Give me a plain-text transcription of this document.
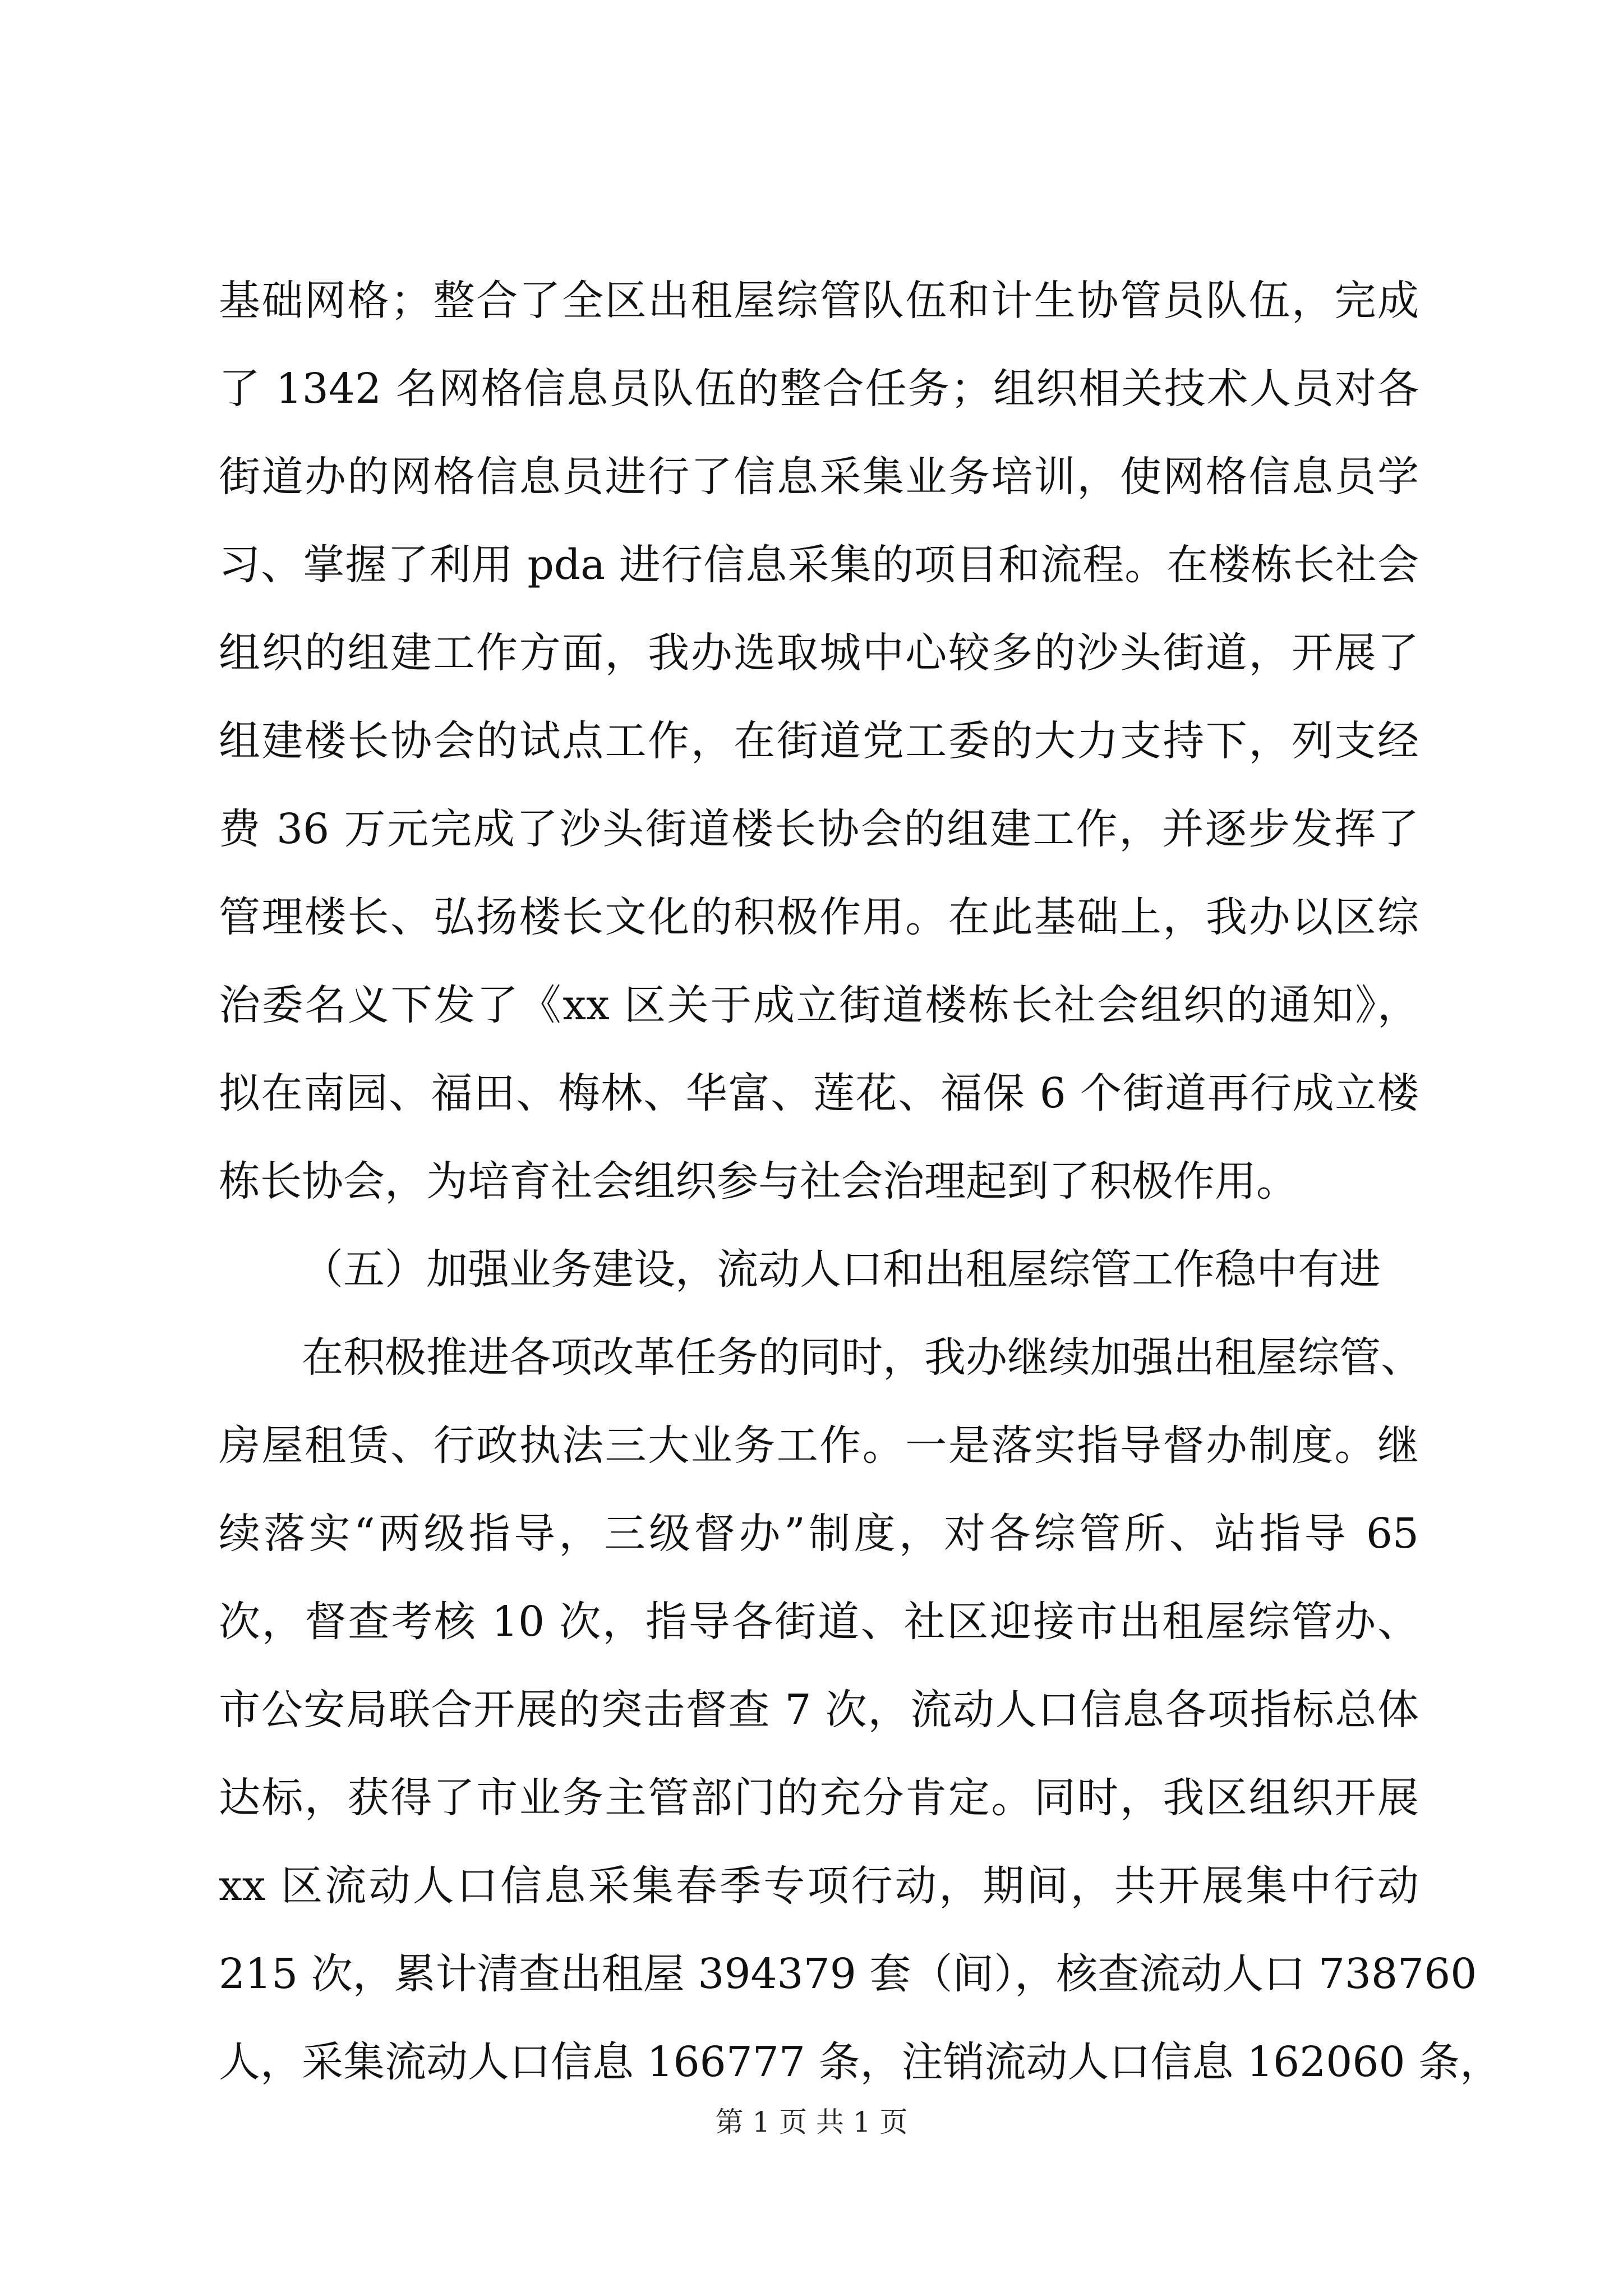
基础网格；整合了全区出租屋综管队伍和计生协管员队伍，完成
了 1342 名网格信息员队伍的整合任务；组织相关技术人员对各
街道办的网格信息员进行了信息采集业务培训，使网格信息员学
习、掌握了利用 pda 进行信息采集的项目和流程。在楼栋长社会
组织的组建工作方面，我办选取城中心较多的沙头街道，开展了
组建楼长协会的试点工作，在街道党工委的大力支持下，列支经
费 36 万元完成了沙头街道楼长协会的组建工作，并逐步发挥了
管理楼长、弘扬楼长文化的积极作用。在此基础上，我办以区综
治委名义下发了《xx 区关于成立街道楼栋长社会组织的通知》，
拟在南园、福田、梅林、华富、莲花、福保 6 个街道再行成立楼
栋长协会，为培育社会组织参与社会治理起到了积极作用。
（五）加强业务建设，流动人口和出租屋综管工作稳中有进
在积极推进各项改革任务的同时，我办继续加强出租屋综管、
房屋租赁、行政执法三大业务工作。一是落实指导督办制度。继
续落实“两级指导，三级督办”制度，对各综管所、站指导 65
次，督查考核 10 次，指导各街道、社区迎接市出租屋综管办、
市公安局联合开展的突击督查 7 次，流动人口信息各项指标总体
达标，获得了市业务主管部门的充分肯定。同时，我区组织开展
xx 区流动人口信息采集春季专项行动，期间，共开展集中行动
215 次，累计清查出租屋 394379 套（间），核查流动人口 738760
人，采集流动人口信息 166777 条，注销流动人口信息 162060 条，
第 1 页 共 1 页
